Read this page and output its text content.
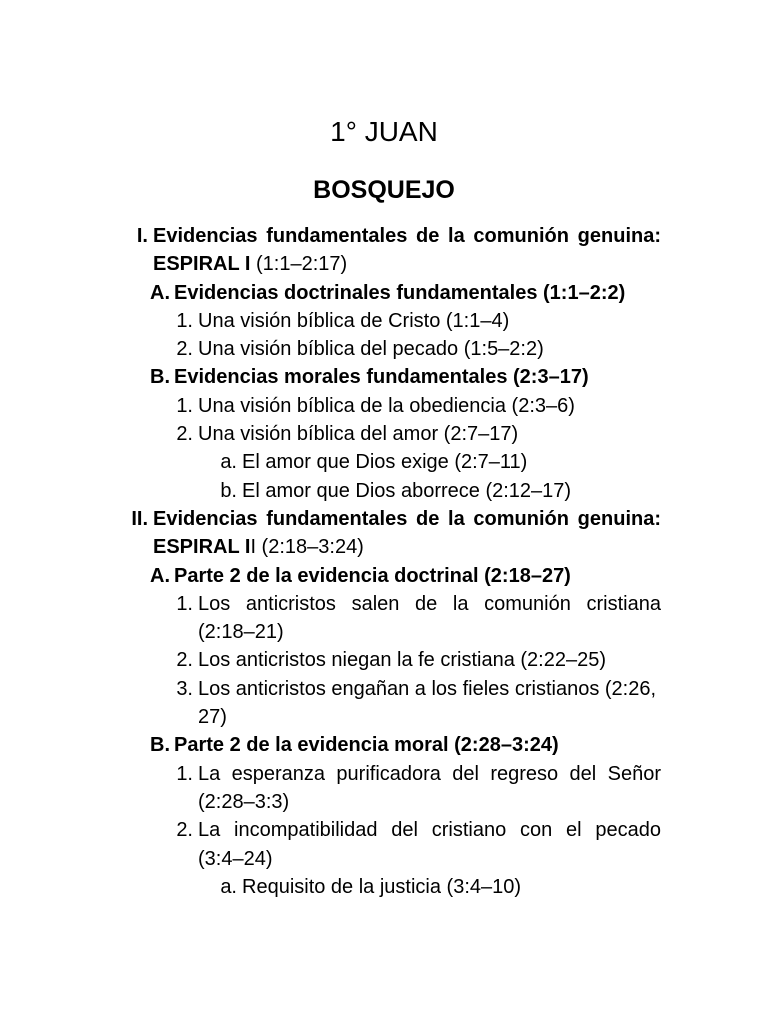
1° JUAN
BOSQUEJO
I. Evidencias fundamentales de la comunión genuina: ESPIRAL I (1:1–2:17)
A. Evidencias doctrinales fundamentales (1:1–2:2)
1. Una visión bíblica de Cristo (1:1–4)
2. Una visión bíblica del pecado (1:5–2:2)
B. Evidencias morales fundamentales (2:3–17)
1. Una visión bíblica de la obediencia (2:3–6)
2. Una visión bíblica del amor (2:7–17)
a. El amor que Dios exige (2:7–11)
b. El amor que Dios aborrece (2:12–17)
II. Evidencias fundamentales de la comunión genuina: ESPIRAL II (2:18–3:24)
A. Parte 2 de la evidencia doctrinal (2:18–27)
1. Los anticristos salen de la comunión cristiana (2:18–21)
2. Los anticristos niegan la fe cristiana (2:22–25)
3. Los anticristos engañan a los fieles cristianos (2:26, 27)
B. Parte 2 de la evidencia moral (2:28–3:24)
1. La esperanza purificadora del regreso del Señor (2:28–3:3)
2. La incompatibilidad del cristiano con el pecado (3:4–24)
a. Requisito de la justicia (3:4–10)
